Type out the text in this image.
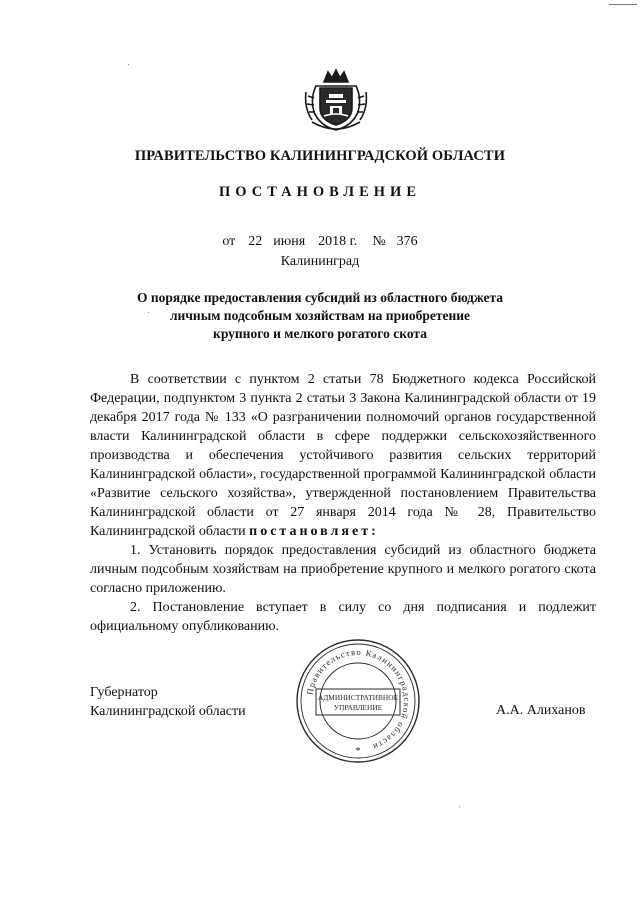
ПРАВИТЕЛЬСТВО КАЛИНИНГРАДСКОЙ ОБЛАСТИ
ПОСТАНОВЛЕНИЕ
от 22 июня 2018 г. № 376
Калининград
О порядке предоставления субсидий из областного бюджета
личным подсобным хозяйствам на приобретение
крупного и мелкого рогатого скота

В соответствии с пунктом 2 статьи 78 Бюджетного кодекса Российской Федерации, подпунктом 3 пункта 2 статьи 3 Закона Калининградской области от 19 декабря 2017 года № 133 «О разграничении полномочий органов государственной власти Калининградской области в сфере поддержки сельскохозяйственного производства и обеспечения устойчивого развития сельских территорий Калининградской области», государственной программой Калининградской области «Развитие сельского хозяйства», утвержденной постановлением Правительства Калининградской области от 27 января 2014 года № 28, Правительство Калининградской области постановляет:

1. Установить порядок предоставления субсидий из областного бюджета личным подсобным хозяйствам на приобретение крупного и мелкого рогатого скота согласно приложению.

2. Постановление вступает в силу со дня подписания и подлежит официальному опубликованию.

Губернатор
Калининградской области
Правительство Калининградской области
АДМИНИСТРАТИВНОЕ
УПРАВЛЕНИЕ
*
А.А. Алиханов
